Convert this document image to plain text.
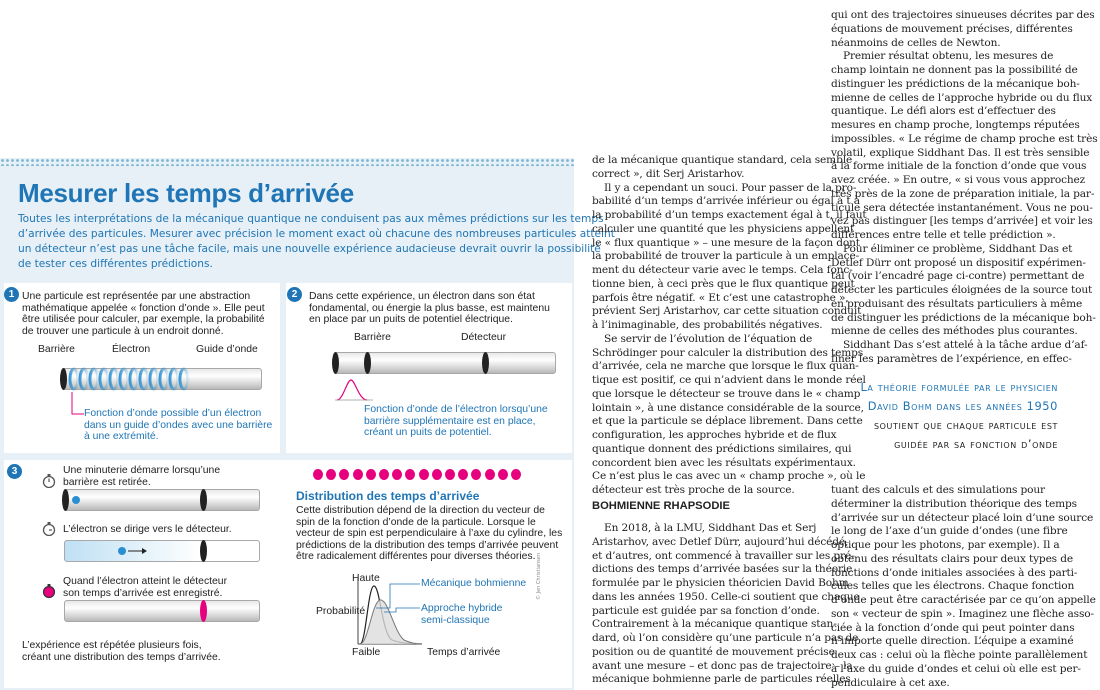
Mesurer les temps d’arrivée
Toutes les interprétations de la mécanique quantique ne conduisent pas aux mêmes prédictions sur les temps
d’arrivée des particules. Mesurer avec précision le moment exact où chacune des nombreuses particules atteint
un détecteur n’est pas une tâche facile, mais une nouvelle expérience audacieuse devrait ouvrir la possibilité
de tester ces différentes prédictions.
1 Une particule est représentée par une abstraction
mathématique appelée « fonction d’onde ». Elle peut
être utilisée pour calculer, par exemple, la probabilité
de trouver une particule à un endroit donné.
Barrière	Électron	Guide d’onde
Fonction d’onde possible d’un électron
dans un guide d’ondes avec une barrière
à une extrémité.
2	Dans cette expérience, un électron dans son état
fondamental, ou énergie la plus basse, est maintenu
en place par un puits de potentiel électrique.
Barrière	Détecteur
Fonction d’onde de l’électron lorsqu’une
barrière supplémentaire est en place,
créant un puits de potentiel.
3	Une minuterie démarre lorsqu’une
barrière est retirée.
L’électron se dirige vers le détecteur.
Quand l’électron atteint le détecteur
son temps d’arrivée est enregistré.
L’expérience est répétée plusieurs fois,
créant une distribution des temps d’arrivée.
Distribution des temps d’arrivée
Cette distribution dépend de la direction du vecteur de
spin de la fonction d’onde de la particule. Lorsque le
vecteur de spin est perpendiculaire à l’axe du cylindre, les
prédictions de la distribution des temps d’arrivée peuvent
être radicalement différentes pour diverses théories.
Haute
Probabilité
Faible	Temps d’arrivée
Mécanique bohmienne
Approche hybride
semi-classique
© Jen Christiansen
de la mécanique quantique standard, cela semble
correct », dit Serj Aristarhov.
Il y a cependant un souci. Pour passer de la pro-
babilité d’un temps d’arrivée inférieur ou égal à t à
la probabilité d’un temps exactement égal à t, il faut
calculer une quantité que les physiciens appellent
le « flux quantique » – une mesure de la façon dont
la probabilité de trouver la particule à un emplace-
ment du détecteur varie avec le temps. Cela fonc-
tionne bien, à ceci près que le flux quantique peut
parfois être négatif. « Et c’est une catastrophe »,
prévient Serj Aristarhov, car cette situation conduit
à l’inimaginable, des probabilités négatives.
Se servir de l’évolution de l’équation de
Schrödinger pour calculer la distribution des temps
d’arrivée, cela ne marche que lorsque le flux quan-
tique est positif, ce qui n’advient dans le monde réel
que lorsque le détecteur se trouve dans le « champ
lointain », à une distance considérable de la source,
et que la particule se déplace librement. Dans cette
configuration, les approches hybride et de flux
quantique donnent des prédictions similaires, qui
concordent bien avec les résultats expérimentaux.
Ce n’est plus le cas avec un « champ proche », où le
détecteur est très proche de la source.
BOHMIENNE RHAPSODIE
En 2018, à la LMU, Siddhant Das et Serj
Aristarhov, avec Detlef Dürr, aujourd’hui décédé,
et d’autres, ont commencé à travailler sur les pré-
dictions des temps d’arrivée basées sur la théorie
formulée par le physicien théoricien David Bohm
dans les années 1950. Celle-ci soutient que chaque
particule est guidée par sa fonction d’onde.
Contrairement à la mécanique quantique stan-
dard, où l’on considère qu’une particule n’a pas de
position ou de quantité de mouvement précise
avant une mesure – et donc pas de trajectoire – la
mécanique bohmienne parle de particules réelles
qui ont des trajectoires sinueuses décrites par des
équations de mouvement précises, différentes
néanmoins de celles de Newton.
Premier résultat obtenu, les mesures de
champ lointain ne donnent pas la possibilité de
distinguer les prédictions de la mécanique boh-
mienne de celles de l’approche hybride ou du flux
quantique. Le défi alors est d’effectuer des
mesures en champ proche, longtemps réputées
impossibles. « Le régime de champ proche est très
volatil, explique Siddhant Das. Il est très sensible
à la forme initiale de la fonction d’onde que vous
avez créée. » En outre, « si vous vous approchez
très près de la zone de préparation initiale, la par-
ticule sera détectée instantanément. Vous ne pou-
vez pas distinguer [les temps d’arrivée] et voir les
différences entre telle et telle prédiction ».
Pour éliminer ce problème, Siddhant Das et
Detlef Dürr ont proposé un dispositif expérimen-
tal (voir l’encadré page ci-contre) permettant de
détecter les particules éloignées de la source tout
en produisant des résultats particuliers à même
de distinguer les prédictions de la mécanique boh-
mienne de celles des méthodes plus courantes.
Siddhant Das s’est attelé à la tâche ardue d’af-
finer les paramètres de l’expérience, en effec-
La théorie formulée par le physicien
David Bohm dans les années 1950
soutient que chaque particule est
guidée par sa fonction d’onde
tuant des calculs et des simulations pour
déterminer la distribution théorique des temps
d’arrivée sur un détecteur placé loin d’une source
le long de l’axe d’un guide d’ondes (une fibre
optique pour les photons, par exemple). Il a
obtenu des résultats clairs pour deux types de
fonctions d’onde initiales associées à des parti-
cules telles que les électrons. Chaque fonction
d’onde peut être caractérisée par ce qu’on appelle
son « vecteur de spin ». Imaginez une flèche asso-
ciée à la fonction d’onde qui peut pointer dans
n’importe quelle direction. L’équipe a examiné
deux cas : celui où la flèche pointe parallèlement
à l’axe du guide d’ondes et celui où elle est per-
pendiculaire à cet axe.
